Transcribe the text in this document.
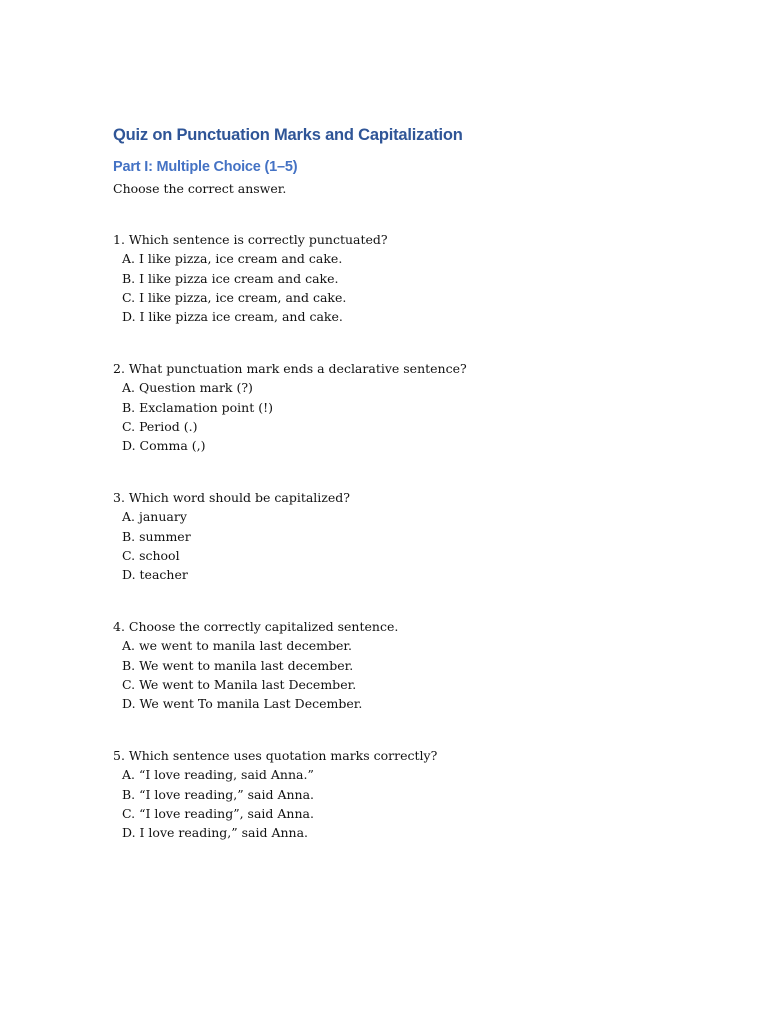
Quiz on Punctuation Marks and Capitalization
Part I: Multiple Choice (1–5)

Choose the correct answer.

1. Which sentence is correctly punctuated?
A. I like pizza, ice cream and cake.
B. I like pizza ice cream and cake.
C. I like pizza, ice cream, and cake.
D. I like pizza ice cream, and cake.
2. What punctuation mark ends a declarative sentence?
A. Question mark (?)
B. Exclamation point (!)
C. Period (.)
D. Comma (,)
3. Which word should be capitalized?
A. january
B. summer
C. school
D. teacher
4. Choose the correctly capitalized sentence.
A. we went to manila last december.
B. We went to manila last december.
C. We went to Manila last December.
D. We went To manila Last December.
5. Which sentence uses quotation marks correctly?
A. “I love reading, said Anna.”
B. “I love reading,” said Anna.
C. “I love reading”, said Anna.
D. I love reading,” said Anna.
